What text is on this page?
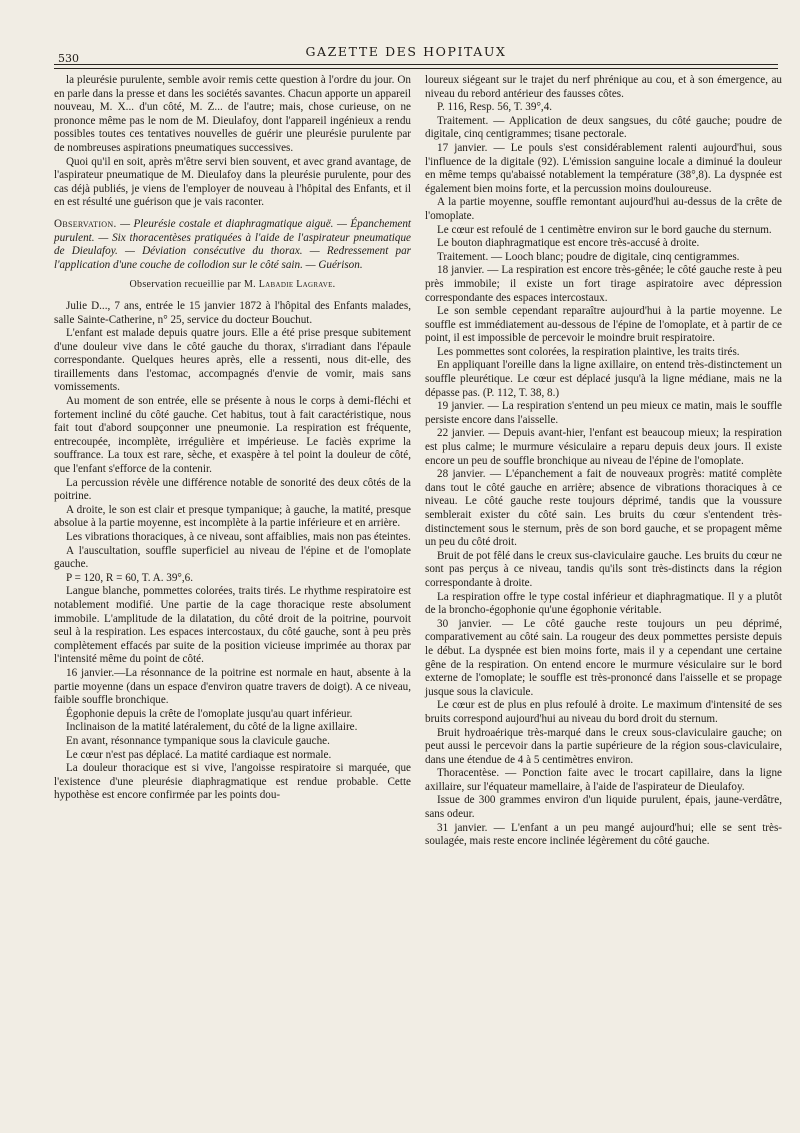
530	GAZETTE DES HOPITAUX

la pleurésie purulente, semble avoir remis cette question à l'ordre du jour. On en parle dans la presse et dans les sociétés savantes. Chacun apporte un appareil nouveau, M. X... d'un côté, M. Z... de l'autre; mais, chose curieuse, on ne prononce même pas le nom de M. Dieulafoy, dont l'appareil ingénieux a rendu possibles toutes ces tentatives nouvelles de guérir une pleurésie purulente par de nombreuses aspirations pneumatiques successives.

Quoi qu'il en soit, après m'être servi bien souvent, et avec grand avantage, de l'aspirateur pneumatique de M. Dieulafoy dans la pleurésie purulente, pour des cas déjà publiés, je viens de l'employer de nouveau à l'hôpital des Enfants, et il en est résulté une guérison que je vais raconter.

Observation. — Pleurésie costale et diaphragmatique aiguë. — Épanchement purulent. — Six thoracentèses pratiquées à l'aide de l'aspirateur pneumatique de Dieulafoy. — Déviation consécutive du thorax. — Redressement par l'application d'une couche de collodion sur le côté sain. — Guérison.

Observation recueillie par M. Labadie Lagrave.

Julie D..., 7 ans, entrée le 15 janvier 1872 à l'hôpital des Enfants malades, salle Sainte-Catherine, n° 25, service du docteur Bouchut.

L'enfant est malade depuis quatre jours. Elle a été prise presque subitement d'une douleur vive dans le côté gauche du thorax, s'irradiant dans l'épaule correspondante. Quelques heures après, elle a ressenti, nous dit-elle, des tiraillements dans l'estomac, accompagnés d'envie de vomir, mais sans vomissements.

Au moment de son entrée, elle se présente à nous le corps à demi-fléchi et fortement incliné du côté gauche. Cet habitus, tout à fait caractéristique, nous fait tout d'abord soupçonner une pneumonie. La respiration est fréquente, entrecoupée, incomplète, irrégulière et impérieuse. Le faciès exprime la souffrance. La toux est rare, sèche, et exaspère à tel point la douleur de côté, que l'enfant s'efforce de la contenir.

La percussion révèle une différence notable de sonorité des deux côtés de la poitrine.

A droite, le son est clair et presque tympanique; à gauche, la matité, presque absolue à la partie moyenne, est incomplète à la partie inférieure et en arrière.

Les vibrations thoraciques, à ce niveau, sont affaiblies, mais non pas éteintes.

A l'auscultation, souffle superficiel au niveau de l'épine et de l'omoplate gauche.

P = 120, R = 60, T. A. 39°,6.

Langue blanche, pommettes colorées, traits tirés. Le rhythme respiratoire est notablement modifié. Une partie de la cage thoracique reste absolument immobile. L'amplitude de la dilatation, du côté droit de la poitrine, pourvoit seul à la respiration. Les espaces intercostaux, du côté gauche, sont à peu près complètement effacés par suite de la position vicieuse imprimée au thorax par l'intensité même du point de côté.

16 janvier.—La résonnance de la poitrine est normale en haut, absente à la partie moyenne (dans un espace d'environ quatre travers de doigt). A ce niveau, faible souffle bronchique.

Égophonie depuis la crête de l'omoplate jusqu'au quart inférieur.

Inclinaison de la matité latéralement, du côté de la ligne axillaire.

En avant, résonnance tympanique sous la clavicule gauche.

Le cœur n'est pas déplacé. La matité cardiaque est normale.

La douleur thoracique est si vive, l'angoisse respiratoire si marquée, que l'existence d'une pleurésie diaphragmatique est rendue probable. Cette hypothèse est encore confirmée par les points dou-

loureux siégeant sur le trajet du nerf phrénique au cou, et à son émergence, au niveau du rebord antérieur des fausses côtes.

P. 116, Resp. 56, T. 39°,4.

Traitement. — Application de deux sangsues, du côté gauche; poudre de digitale, cinq centigrammes; tisane pectorale.

17 janvier. — Le pouls s'est considérablement ralenti aujourd'hui, sous l'influence de la digitale (92). L'émission sanguine locale a diminué la douleur en même temps qu'abaissé notablement la température (38°,8). La dyspnée est également bien moins forte, et la percussion moins douloureuse.

A la partie moyenne, souffle remontant aujourd'hui au-dessus de la crête de l'omoplate.

Le cœur est refoulé de 1 centimètre environ sur le bord gauche du sternum.

Le bouton diaphragmatique est encore très-accusé à droite.

Traitement. — Looch blanc; poudre de digitale, cinq centigrammes.

18 janvier. — La respiration est encore très-gênée; le côté gauche reste à peu près immobile; il existe un fort tirage aspiratoire avec dépression correspondante des espaces intercostaux.

Le son semble cependant reparaître aujourd'hui à la partie moyenne. Le souffle est immédiatement au-dessous de l'épine de l'omoplate, et à partir de ce point, il est impossible de percevoir le moindre bruit respiratoire.

Les pommettes sont colorées, la respiration plaintive, les traits tirés.

En appliquant l'oreille dans la ligne axillaire, on entend très-distinctement un souffle pleurétique. Le cœur est déplacé jusqu'à la ligne médiane, mais ne la dépasse pas. (P. 112, T. 38, 8.)

19 janvier. — La respiration s'entend un peu mieux ce matin, mais le souffle persiste encore dans l'aisselle.

22 janvier. — Depuis avant-hier, l'enfant est beaucoup mieux; la respiration est plus calme; le murmure vésiculaire a reparu depuis deux jours. Il existe encore un peu de souffle bronchique au niveau de l'épine de l'omoplate.

28 janvier. — L'épanchement a fait de nouveaux progrès: matité complète dans tout le côté gauche en arrière; absence de vibrations thoraciques à ce niveau. Le côté gauche reste toujours déprimé, tandis que la voussure semblerait exister du côté sain. Les bruits du cœur s'entendent très-distinctement sous le sternum, près de son bord gauche, et se propagent même un peu du côté droit.

Bruit de pot fêlé dans le creux sus-claviculaire gauche. Les bruits du cœur ne sont pas perçus à ce niveau, tandis qu'ils sont très-distincts dans la région correspondante à droite.

La respiration offre le type costal inférieur et diaphragmatique. Il y a plutôt de la broncho-égophonie qu'une égophonie véritable.

30 janvier. — Le côté gauche reste toujours un peu déprimé, comparativement au côté sain. La rougeur des deux pommettes persiste depuis le début. La dyspnée est bien moins forte, mais il y a cependant une certaine gêne de la respiration. On entend encore le murmure vésiculaire sur le bord externe de l'omoplate; le souffle est très-prononcé dans l'aisselle et se propage jusque sous la clavicule.

Le cœur est de plus en plus refoulé à droite. Le maximum d'intensité de ses bruits correspond aujourd'hui au niveau du bord droit du sternum.

Bruit hydroaérique très-marqué dans le creux sous-claviculaire gauche; on peut aussi le percevoir dans la partie supérieure de la région sous-claviculaire, dans une étendue de 4 à 5 centimètres environ.

Thoracentèse. — Ponction faite avec le trocart capillaire, dans la ligne axillaire, sur l'équateur mamellaire, à l'aide de l'aspirateur de Dieulafoy.

Issue de 300 grammes environ d'un liquide purulent, épais, jaune-verdâtre, sans odeur.

31 janvier. — L'enfant a un peu mangé aujourd'hui; elle se sent très-soulagée, mais reste encore inclinée légèrement du côté gauche.
